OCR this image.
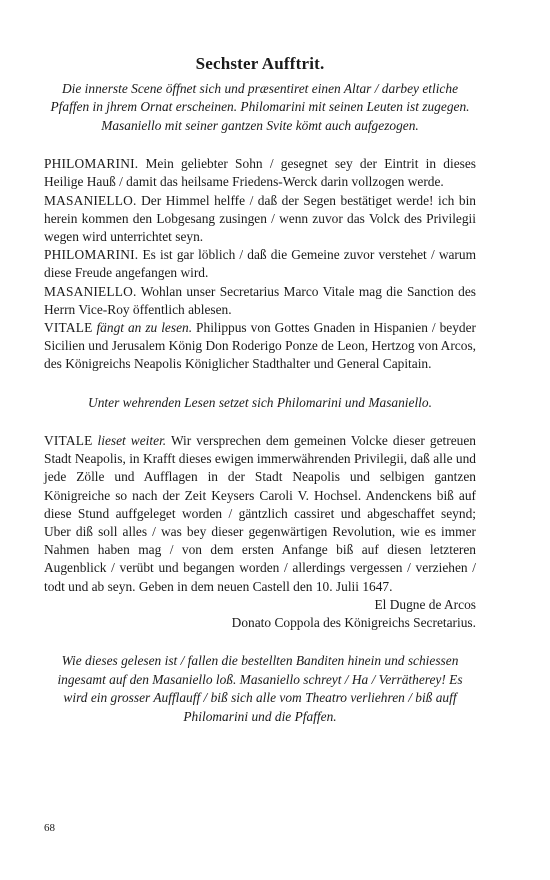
Sechster Aufftrit.

Die innerste Scene öffnet sich und præsentiret einen Altar / darbey etliche Pfaffen in jhrem Ornat erscheinen. Philomarini mit seinen Leuten ist zugegen. Masaniello mit seiner gantzen Svite kömt auch aufgezogen.

PHILOMARINI. Mein geliebter Sohn / gesegnet sey der Eintrit in dieses Heilige Hauß / damit das heilsame Friedens-Werck darin vollzogen werde.

MASANIELLO. Der Himmel helffe / daß der Segen bestätiget werde! ich bin herein kommen den Lobgesang zusingen / wenn zuvor das Volck des Privilegii wegen wird unterrichtet seyn.

PHILOMARINI. Es ist gar löblich / daß die Gemeine zuvor verstehet / warum diese Freude angefangen wird.

MASANIELLO. Wohlan unser Secretarius Marco Vitale mag die Sanction des Herrn Vice-Roy öffentlich ablesen.

VITALE fängt an zu lesen. Philippus von Gottes Gnaden in Hispanien / beyder Sicilien und Jerusalem König Don Roderigo Ponze de Leon, Hertzog von Arcos, des Königreichs Neapolis Königlicher Stadthalter und General Capitain.

Unter wehrenden Lesen setzet sich Philomarini und Masaniello.

VITALE lieset weiter. Wir versprechen dem gemeinen Volcke dieser getreuen Stadt Neapolis, in Krafft dieses ewigen immerwährenden Privilegii, daß alle und jede Zölle und Aufflagen in der Stadt Neapolis und selbigen gantzen Königreiche so nach der Zeit Keysers Caroli V. Hochsel. Andenckens biß auf diese Stund auffgeleget worden / gäntzlich cassiret und abgeschaffet seynd; Uber diß soll alles / was bey dieser gegenwärtigen Revolution, wie es immer Nahmen haben mag / von dem ersten Anfange biß auf diesen letzteren Augenblick / verübt und begangen worden / allerdings vergessen / verziehen / todt und ab seyn. Geben in dem neuen Castell den 10. Julii 1647.

El Dugne de Arcos

Donato Coppola des Königreichs Secretarius.

Wie dieses gelesen ist / fallen die bestellten Banditen hinein und schiessen ingesamt auf den Masaniello loß. Masaniello schreyt / Ha / Verrätherey! Es wird ein grosser Aufflauff / biß sich alle vom Theatro verliehren / biß auff Philomarini und die Pfaffen.

68
